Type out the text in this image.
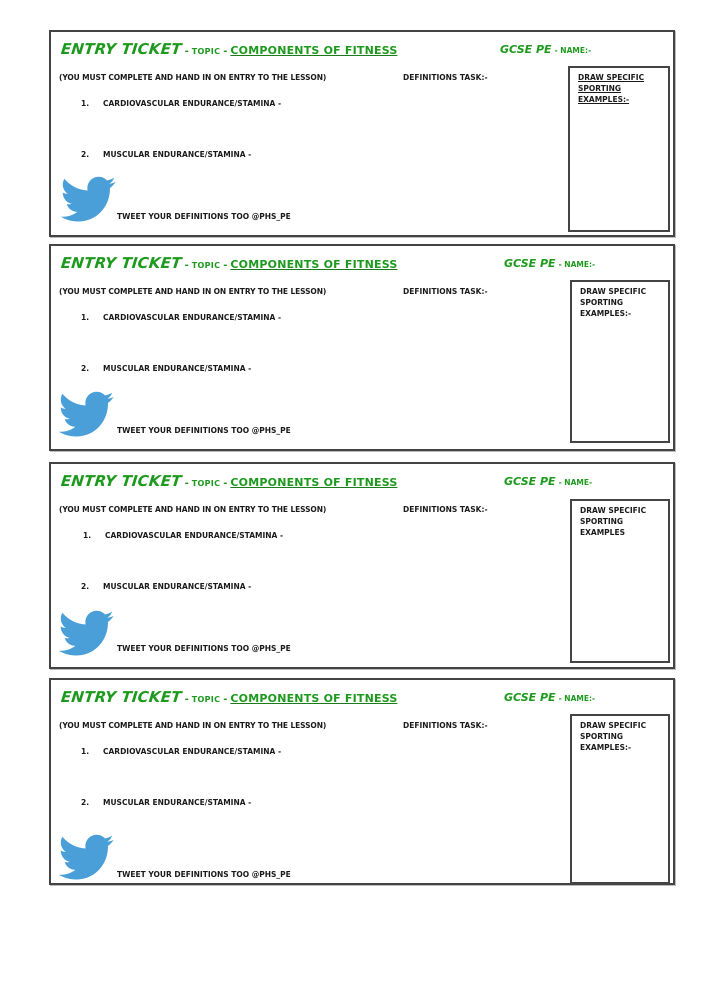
ENTRY TICKET - TOPIC - COMPONENTS OF FITNESS	GCSE PE - NAME:-
(YOU MUST COMPLETE AND HAND IN ON ENTRY TO THE LESSON)	DEFINITIONS TASK:-
1. CARDIOVASCULAR ENDURANCE/STAMINA -
2. MUSCULAR ENDURANCE/STAMINA -
TWEET YOUR DEFINITIONS TOO @PHS_PE
DRAW SPECIFIC SPORTING EXAMPLES:-
ENTRY TICKET - TOPIC - COMPONENTS OF FITNESS	GCSE PE - NAME:-
(YOU MUST COMPLETE AND HAND IN ON ENTRY TO THE LESSON)	DEFINITIONS TASK:-
1. CARDIOVASCULAR ENDURANCE/STAMINA -
2. MUSCULAR ENDURANCE/STAMINA -
TWEET YOUR DEFINITIONS TOO @PHS_PE
DRAW SPECIFIC SPORTING EXAMPLES:-
ENTRY TICKET - TOPIC - COMPONENTS OF FITNESS	GCSE PE - NAME-
(YOU MUST COMPLETE AND HAND IN ON ENTRY TO THE LESSON)	DEFINITIONS TASK:-
1. CARDIOVASCULAR ENDURANCE/STAMINA -
2. MUSCULAR ENDURANCE/STAMINA -
TWEET YOUR DEFINITIONS TOO @PHS_PE
DRAW SPECIFIC SPORTING EXAMPLES
ENTRY TICKET - TOPIC - COMPONENTS OF FITNESS	GCSE PE - NAME:-
(YOU MUST COMPLETE AND HAND IN ON ENTRY TO THE LESSON)	DEFINITIONS TASK:-
1. CARDIOVASCULAR ENDURANCE/STAMINA -
2. MUSCULAR ENDURANCE/STAMINA -
TWEET YOUR DEFINITIONS TOO @PHS_PE
DRAW SPECIFIC SPORTING EXAMPLES:-
